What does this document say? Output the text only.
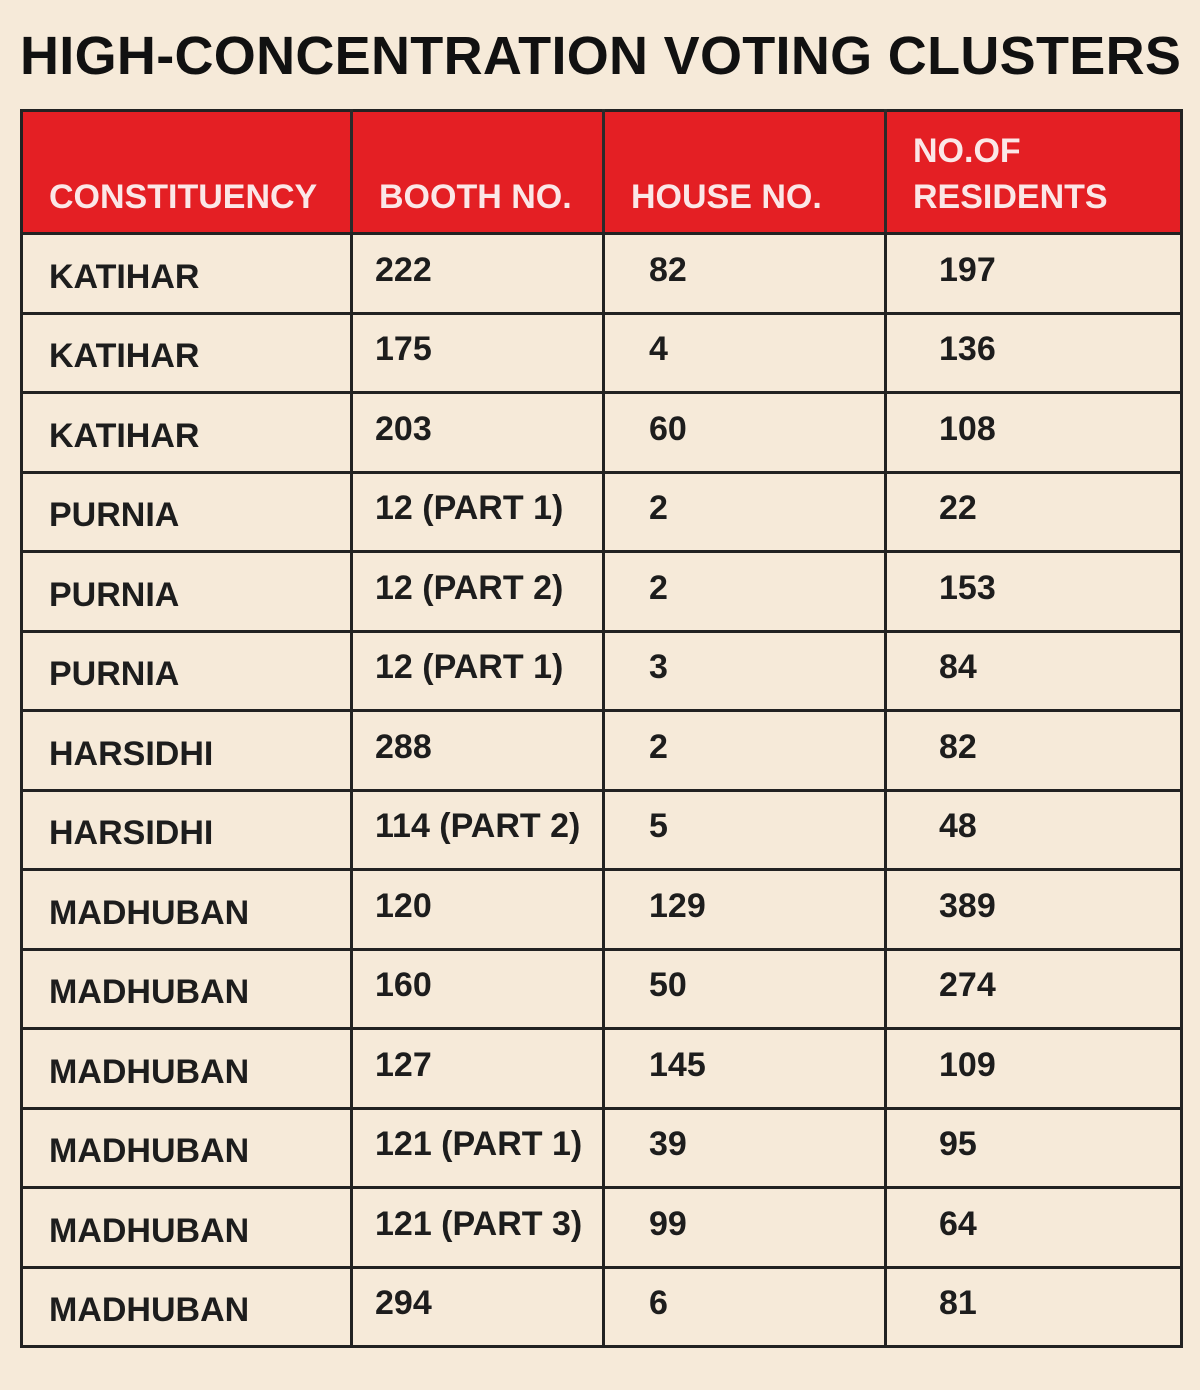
HIGH-CONCENTRATION VOTING CLUSTERS
CONSTITUENCY	BOOTH NO.	HOUSE NO.	NO.OF RESIDENTS
KATIHAR	222	82	197
KATIHAR	175	4	136
KATIHAR	203	60	108
PURNIA	12 (PART 1)	2	22
PURNIA	12 (PART 2)	2	153
PURNIA	12 (PART 1)	3	84
HARSIDHI	288	2	82
HARSIDHI	114 (PART 2)	5	48
MADHUBAN	120	129	389
MADHUBAN	160	50	274
MADHUBAN	127	145	109
MADHUBAN	121 (PART 1)	39	95
MADHUBAN	121 (PART 3)	99	64
MADHUBAN	294	6	81
